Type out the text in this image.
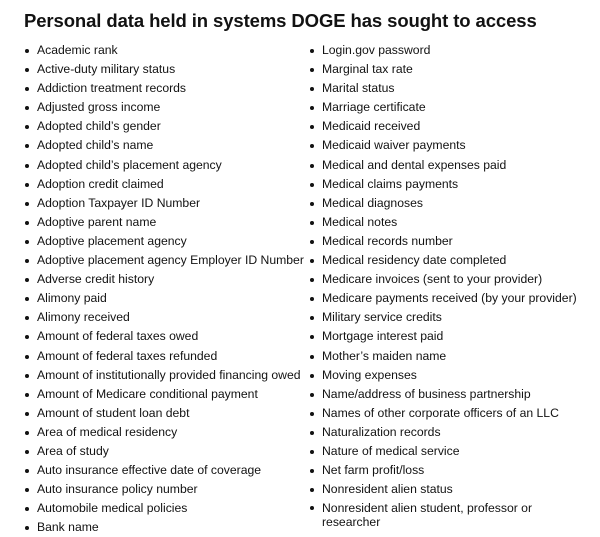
Personal data held in systems DOGE has sought to access
Academic rank
Active-duty military status
Addiction treatment records
Adjusted gross income
Adopted child’s gender
Adopted child’s name
Adopted child’s placement agency
Adoption credit claimed
Adoption Taxpayer ID Number
Adoptive parent name
Adoptive placement agency
Adoptive placement agency Employer ID Number
Adverse credit history
Alimony paid
Alimony received
Amount of federal taxes owed
Amount of federal taxes refunded
Amount of institutionally provided financing owed
Amount of Medicare conditional payment
Amount of student loan debt
Area of medical residency
Area of study
Auto insurance effective date of coverage
Auto insurance policy number
Automobile medical policies
Bank name
Login.gov password
Marginal tax rate
Marital status
Marriage certificate
Medicaid received
Medicaid waiver payments
Medical and dental expenses paid
Medical claims payments
Medical diagnoses
Medical notes
Medical records number
Medical residency date completed
Medicare invoices (sent to your provider)
Medicare payments received (by your provider)
Military service credits
Mortgage interest paid
Mother’s maiden name
Moving expenses
Name/address of business partnership
Names of other corporate officers of an LLC
Naturalization records
Nature of medical service
Net farm profit/loss
Nonresident alien status
Nonresident alien student, professor or researcher
